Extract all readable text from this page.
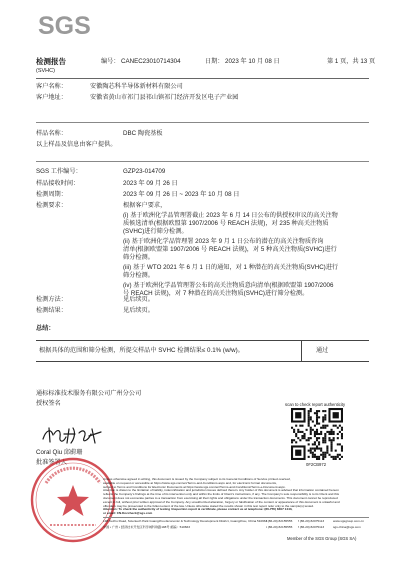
SGS
检测报告
(SVHC)
编号： CANEC23010714304	日期： 2023 年 10 月 08 日	第 1 页，共 13 页
客户名称：	安徽陶芯科半导体新材料有限公司
客户地址：	安徽省黄山市祁门县祁山镇祁门经济开发区电子产业园
样品名称：	DBC 陶瓷基板
以上样品及信息由客户提供。
SGS 工作编号：	GZP23-014709
样品接收时间：	2023 年 09 月 26 日
检测周期：	2023 年 09 月 26 日 ~ 2023 年 10 月 08 日
检测要求：	根据客户要求，
(i) 基于欧洲化学品管理署截止 2023 年 6 月 14 日公布的供授权审议的高关注物
质候选清单(根据欧盟第 1907/2006 号 REACH 法规)，对 235 种高关注物质
(SVHC)进行筛分检测。
(ii) 基于欧洲化学品管理署 2023 年 9 月 1 日公布的潜在的高关注物质咨询
清单(根据欧盟第 1907/2006 号 REACH 法规)，对 5 种高关注物质(SVHC)进行
筛分检测。
(iii) 基于 WTO 2021 年 6 月 1 日的通知，对 1 种潜在的高关注物质(SVHC)进行
筛分检测。
(iv) 基于欧洲化学品管理署公布的高关注物质意向清单(根据欧盟第 1907/2006
号 REACH 法规)，对 7 种潜在的高关注物质(SVHC)进行筛分检测。
检测方法：	见后续页。
检测结果：	见后续页。
总结：
根据具体的范围和筛分检测，所提交样品中 SVHC 检测结果≤ 0.1% (w/w)。	通过
通标标准技术服务有限公司广州分公司
授权签名
Coral Qiu 邱蔚珊
批准签署人
scan to check report authenticity
0F2CB972
Unless otherwise agreed in writing, this document is issued by the Company subject to its General Conditions of Service printed overleaf,
available on request or accessible at https://www.sgs.com/en/Terms-and-Conditions.aspx and, for electronic format documents,
subject to Terms and Conditions for Electronic Documents at https://www.sgs.com/en/Terms-and-Conditions/Terms-e-Document.aspx.
Attention is drawn to the limitation of liability, indemnification and jurisdiction issues defined therein. Any holder of this document is advised that information contained hereon
reflects the Company's findings at the time of its intervention only and within the limits of Client's instructions, if any. The Company's sole responsibility is to its Client and this
document does not exonerate parties to a transaction from exercising all their rights and obligations under the transaction documents. This document cannot be reproduced
except in full, without prior written approval of the Company. Any unauthorized alteration, forgery or falsification of the content or appearance of this document is unlawful and
offenders may be prosecuted to the fullest extent of the law. Unless otherwise stated the results shown in this test report refer only to the sample(s) tested.
Attention: To check the authenticity of testing /inspection report & certificate, please contact us at telephone: (86-755) 8307 1443,
or email: CN.Doccheck@sgs.com
198 Kezhu Road, Scientech Park Guangzhou Economic & Technology Development District, Guangzhou, China 510663
中国 • 广州 • 经济技术开发区科学城科珠路198号 邮编：510663
t (86-20) 82155555
t (86-20) 82155555
f (86-20) 82075113
f (86-20) 82075113
www.sgsgroup.com.cn
sgs.china@sgs.com
Member of the SGS Group (SGS SA)
